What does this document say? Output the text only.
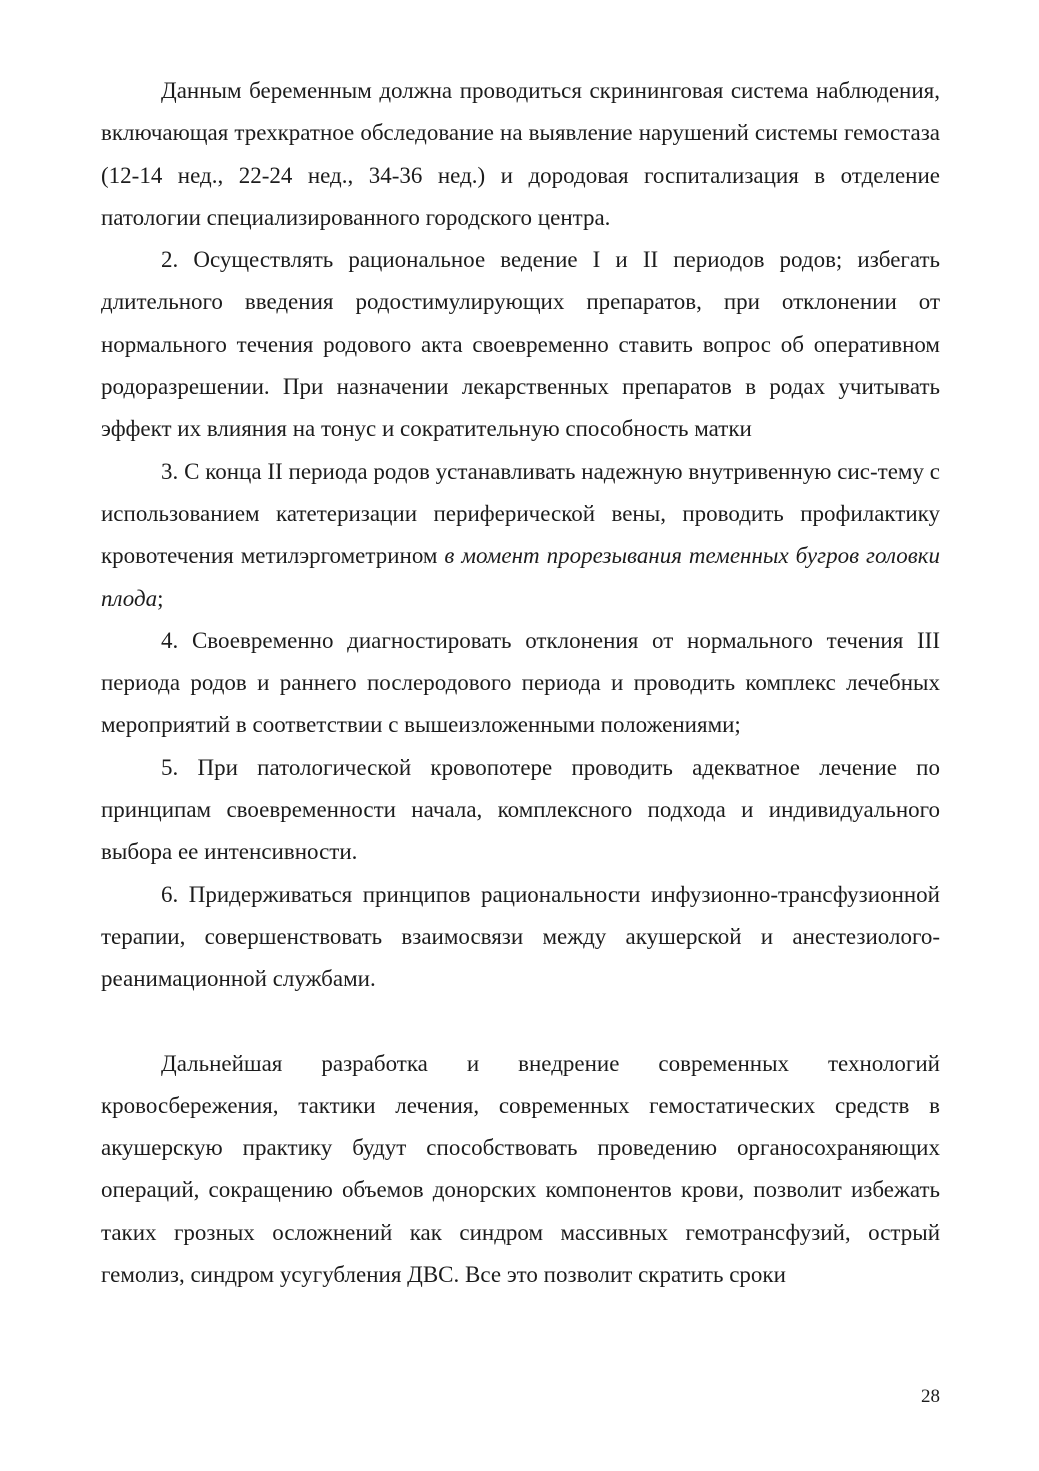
Данным беременным должна проводиться скрининговая система наблюдения, включающая трехкратное обследование на выявление нарушений системы гемостаза (12-14 нед., 22-24 нед., 34-36 нед.) и дородовая госпитализация в отделение патологии специализированного городского центра.

2. Осуществлять рациональное ведение I и II периодов родов; избегать длительного введения родостимулирующих препаратов, при отклонении от нормального течения родового акта своевременно ставить вопрос об оперативном родоразрешении. При назначении лекарственных препаратов в родах учитывать эффект их влияния на тонус и сократительную способность матки

3. С конца II периода родов устанавливать надежную внутривенную сис-тему с использованием катетеризации периферической вены, проводить профилактику кровотечения метилэргометрином в момент прорезывания теменных бугров головки плода;

4. Своевременно диагностировать отклонения от нормального течения III периода родов и раннего послеродового периода и проводить комплекс лечебных мероприятий в соответствии с вышеизложенными положениями;

5. При патологической кровопотере проводить адекватное лечение по принципам своевременности начала, комплексного подхода и индивидуального выбора ее интенсивности.

6. Придерживаться принципов рациональности инфузионно-трансфузионной терапии, совершенствовать взаимосвязи между акушерской и анестезиолого-реанимационной службами.

Дальнейшая разработка и внедрение современных технологий кровосбережения, тактики лечения, современных гемостатических средств в акушерскую практику будут способствовать проведению органосохраняющих операций, сокращению объемов донорских компонентов крови, позволит избежать таких грозных осложнений как синдром массивных гемотрансфузий, острый гемолиз, синдром усугубления ДВС. Все это позволит скратить сроки

28
